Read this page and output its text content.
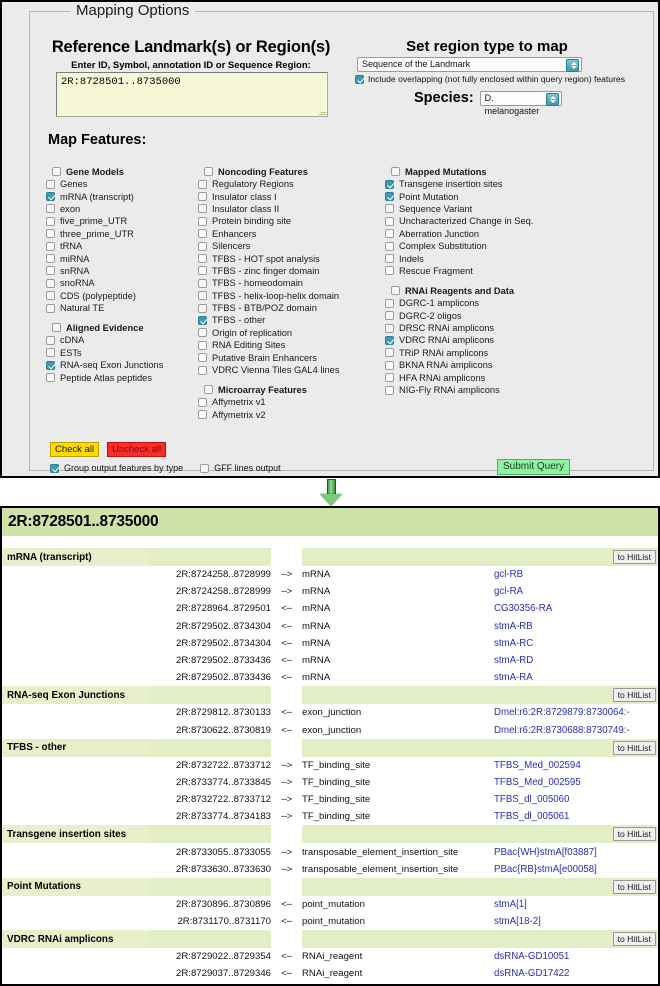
Mapping Options
Reference Landmark(s) or Region(s)
Enter ID, Symbol, annotation ID or Sequence Region:
2R:8728501..8735000
Set region type to map
Sequence of the Landmark
Include overlapping (not fully enclosed within query region) features
Species:	D. melanogaster
Map Features:
Gene Models
Genes
mRNA (transcript)
exon
five_prime_UTR
three_prime_UTR
tRNA
miRNA
snRNA
snoRNA
CDS (polypeptide)
Natural TE
Aligned Evidence
cDNA
ESTs
RNA-seq Exon Junctions
Peptide Atlas peptides
Noncoding Features
Regulatory Regions
Insulator class I
Insulator class II
Protein binding site
Enhancers
Silencers
TFBS - HOT spot analysis
TFBS - zinc finger domain
TFBS - homeodomain
TFBS - helix-loop-helix domain
TFBS - BTB/POZ domain
TFBS - other
Origin of replication
RNA Editing Sites
Putative Brain Enhancers
VDRC Vienna Tiles GAL4 lines
Microarray Features
Affymetrix v1
Affymetrix v2
Mapped Mutations
Transgene insertion sites
Point Mutation
Sequence Variant
Uncharacterized Change in Seq.
Aberration Junction
Complex Substitution
Indels
Rescue Fragment
RNAi Reagents and Data
DGRC-1 amplicons
DGRC-2 oligos
DRSC RNAi amplicons
VDRC RNAi amplicons
TRiP RNAi amplicons
BKNA RNAi amplicons
HFA RNAi amplicons
NIG-Fly RNAi amplicons
Check all	Uncheck all
Group output features by type	GFF lines output	Submit Query
2R:8728501..8735000
mRNA (transcript)				to HitList
	2R:8724258..8728999	-->	mRNA	gcl-RB
	2R:8724258..8728999	-->	mRNA	gcl-RA
	2R:8728964..8729501	<--	mRNA	CG30356-RA
	2R:8729502..8734304	<--	mRNA	stmA-RB
	2R:8729502..8734304	<--	mRNA	stmA-RC
	2R:8729502..8733436	<--	mRNA	stmA-RD
	2R:8729502..8733436	<--	mRNA	stmA-RA
RNA-seq Exon Junctions				to HitList
	2R:8729812..8730133	<--	exon_junction	Dmel:r6:2R:8729879:8730064:-
	2R:8730622..8730819	<--	exon_junction	Dmel:r6:2R:8730688:8730749:-
TFBS - other				to HitList
	2R:8732722..8733712	-->	TF_binding_site	TFBS_Med_002594
	2R:8733774..8733845	-->	TF_binding_site	TFBS_Med_002595
	2R:8732722..8733712	-->	TF_binding_site	TFBS_dl_005060
	2R:8733774..8734183	-->	TF_binding_site	TFBS_dl_005061
Transgene insertion sites				to HitList
	2R:8733055..8733055	-->	transposable_element_insertion_site	PBac{WH}stmA[f03887]
	2R:8733630..8733630	-->	transposable_element_insertion_site	PBac{RB}stmA[e00058]
Point Mutations				to HitList
	2R:8730896..8730896	<--	point_mutation	stmA[1]
	2R:8731170..8731170	<--	point_mutation	stmA[18-2]
VDRC RNAi amplicons				to HitList
	2R:8729022..8729354	<--	RNAi_reagent	dsRNA-GD10051
	2R:8729037..8729346	<--	RNAi_reagent	dsRNA-GD17422
